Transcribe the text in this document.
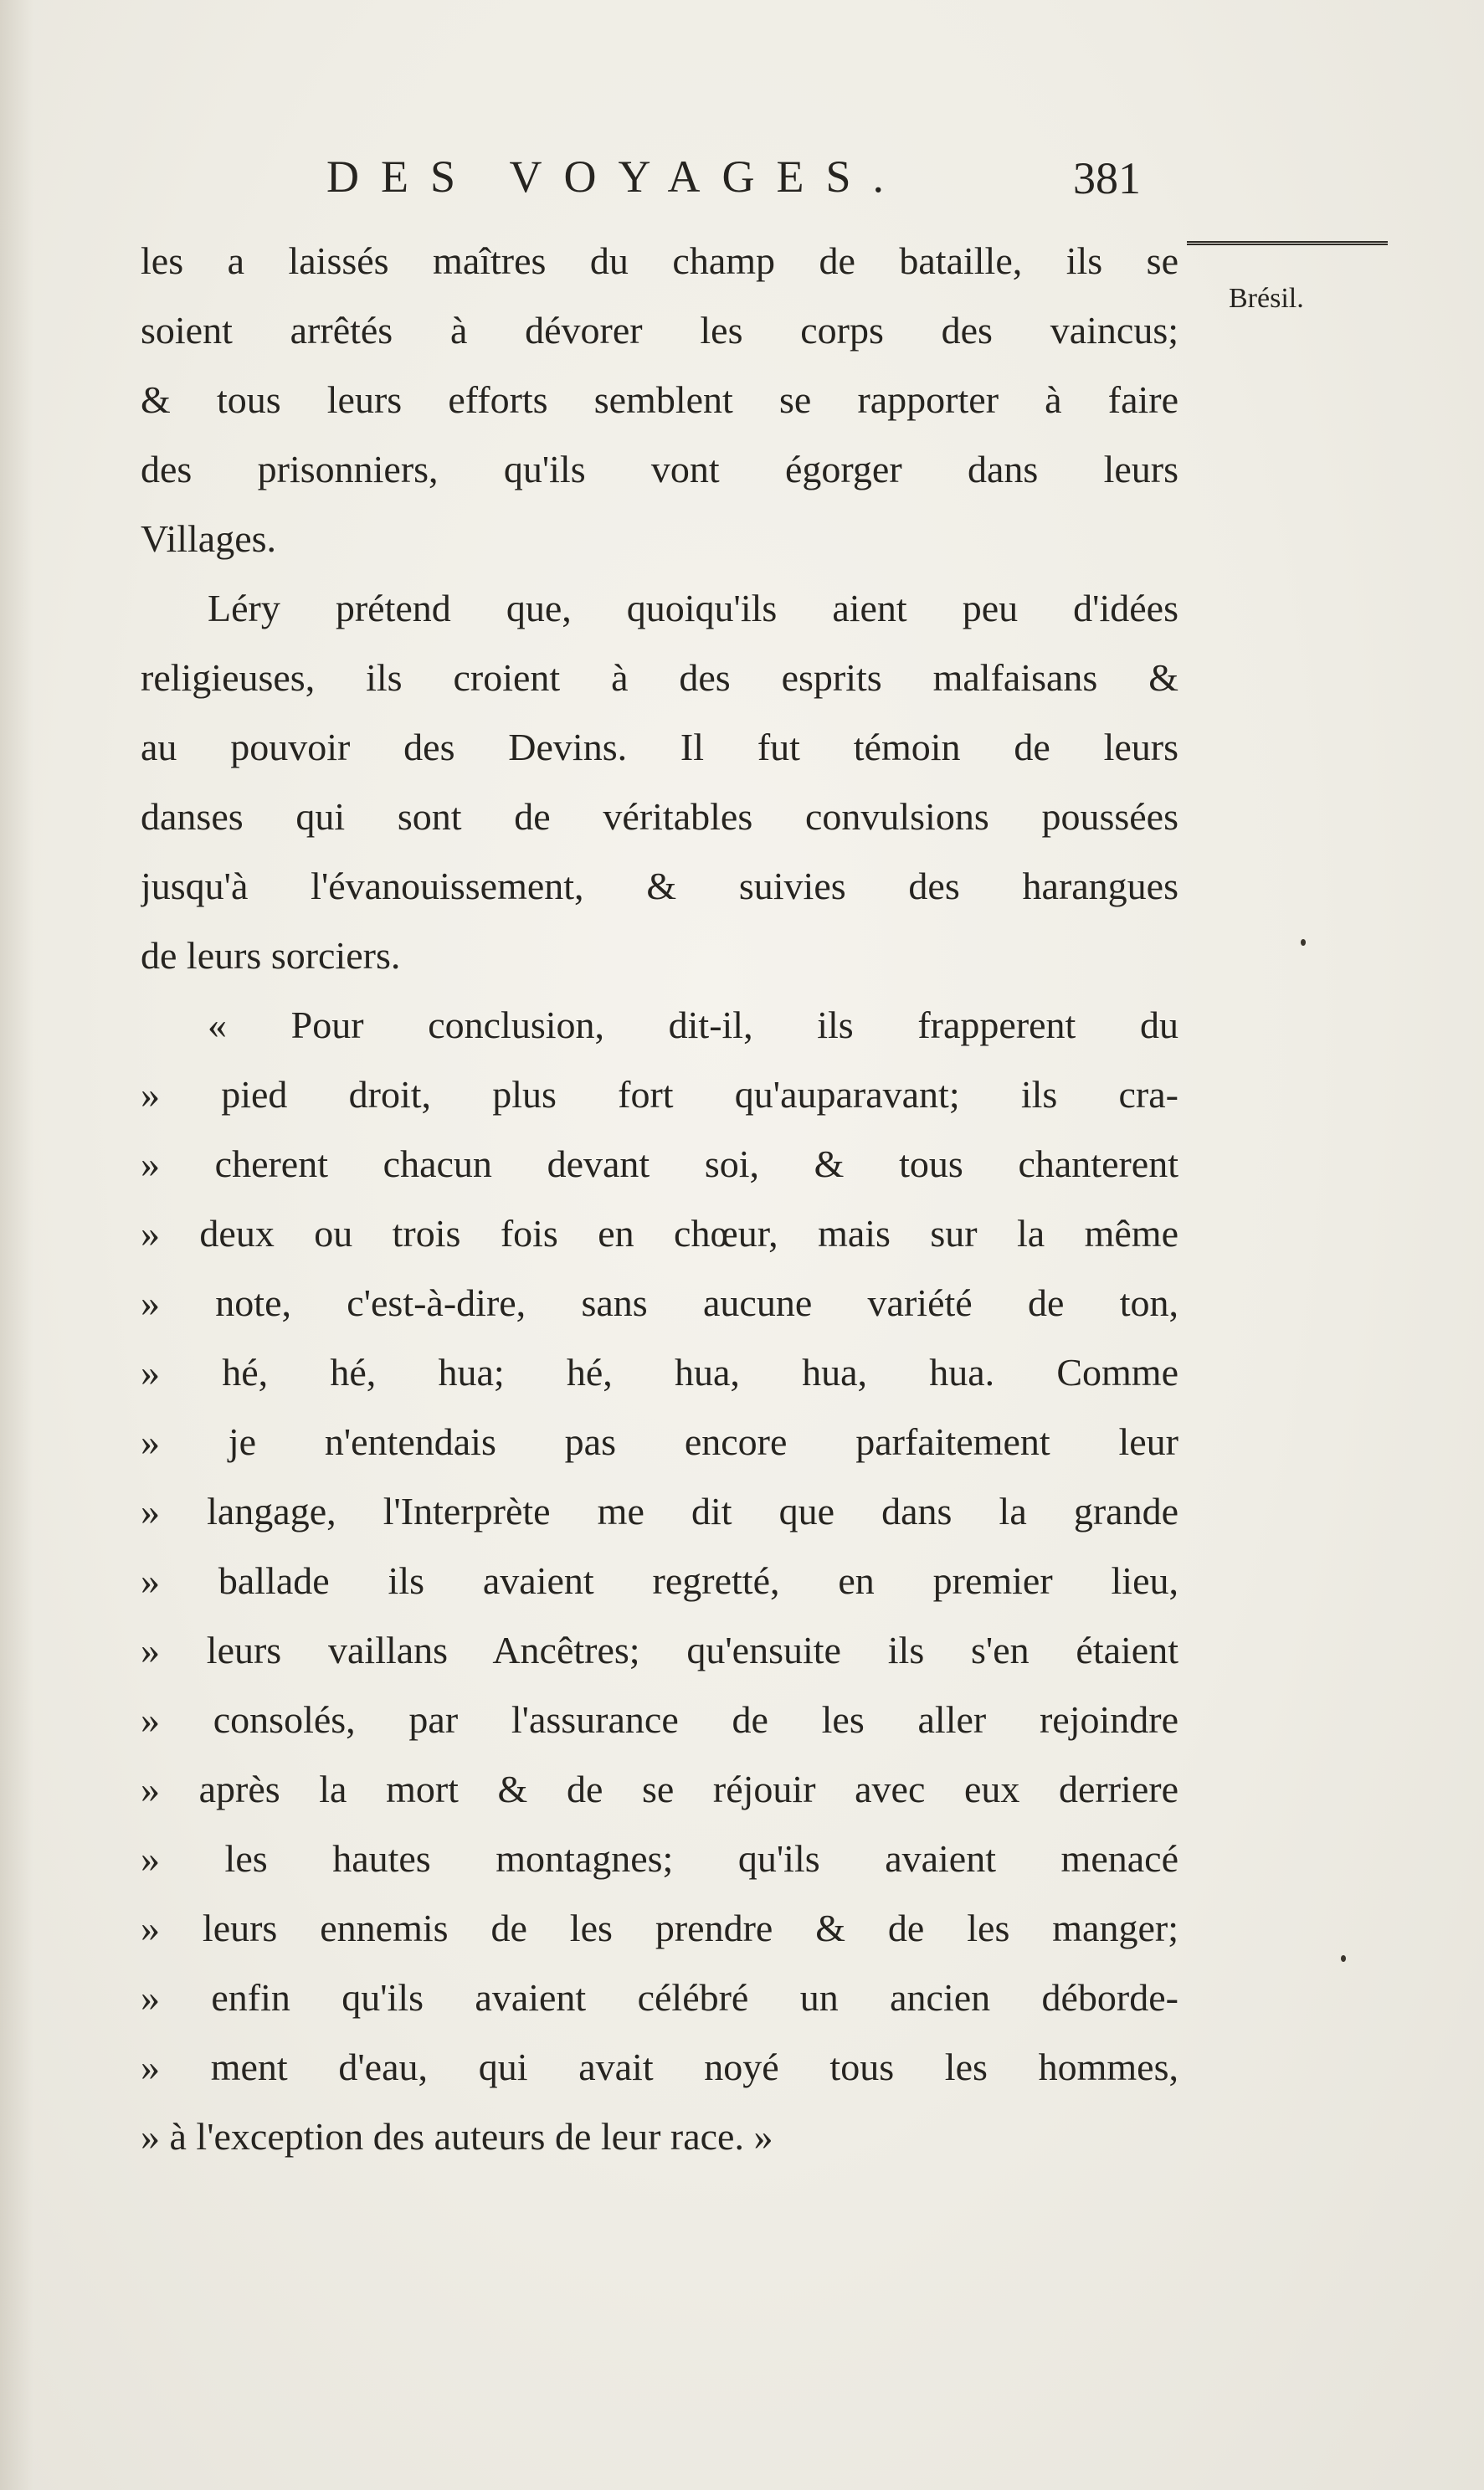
DES VOYAGES.	381
Brésil.
les a laissés maîtres du champ de bataille, ils se
soient arrêtés à dévorer les corps des vaincus;
& tous leurs efforts semblent se rapporter à faire
des prisonniers, qu'ils vont égorger dans leurs
Villages.
Léry prétend que, quoiqu'ils aient peu d'idées
religieuses, ils croient à des esprits malfaisans &
au pouvoir des Devins. Il fut témoin de leurs
danses qui sont de véritables convulsions poussées
jusqu'à l'évanouissement, & suivies des harangues
de leurs sorciers.
« Pour conclusion, dit-il, ils frapperent du
» pied droit, plus fort qu'auparavant; ils cra-
» cherent chacun devant soi, & tous chanterent
» deux ou trois fois en chœur, mais sur la même
» note, c'est-à-dire, sans aucune variété de ton,
» hé, hé, hua; hé, hua, hua, hua. Comme
» je n'entendais pas encore parfaitement leur
» langage, l'Interprète me dit que dans la grande
» ballade ils avaient regretté, en premier lieu,
» leurs vaillans Ancêtres; qu'ensuite ils s'en étaient
» consolés, par l'assurance de les aller rejoindre
» après la mort & de se réjouir avec eux derriere
» les hautes montagnes; qu'ils avaient menacé
» leurs ennemis de les prendre & de les manger;
» enfin qu'ils avaient célébré un ancien déborde-
» ment d'eau, qui avait noyé tous les hommes,
» à l'exception des auteurs de leur race. »
